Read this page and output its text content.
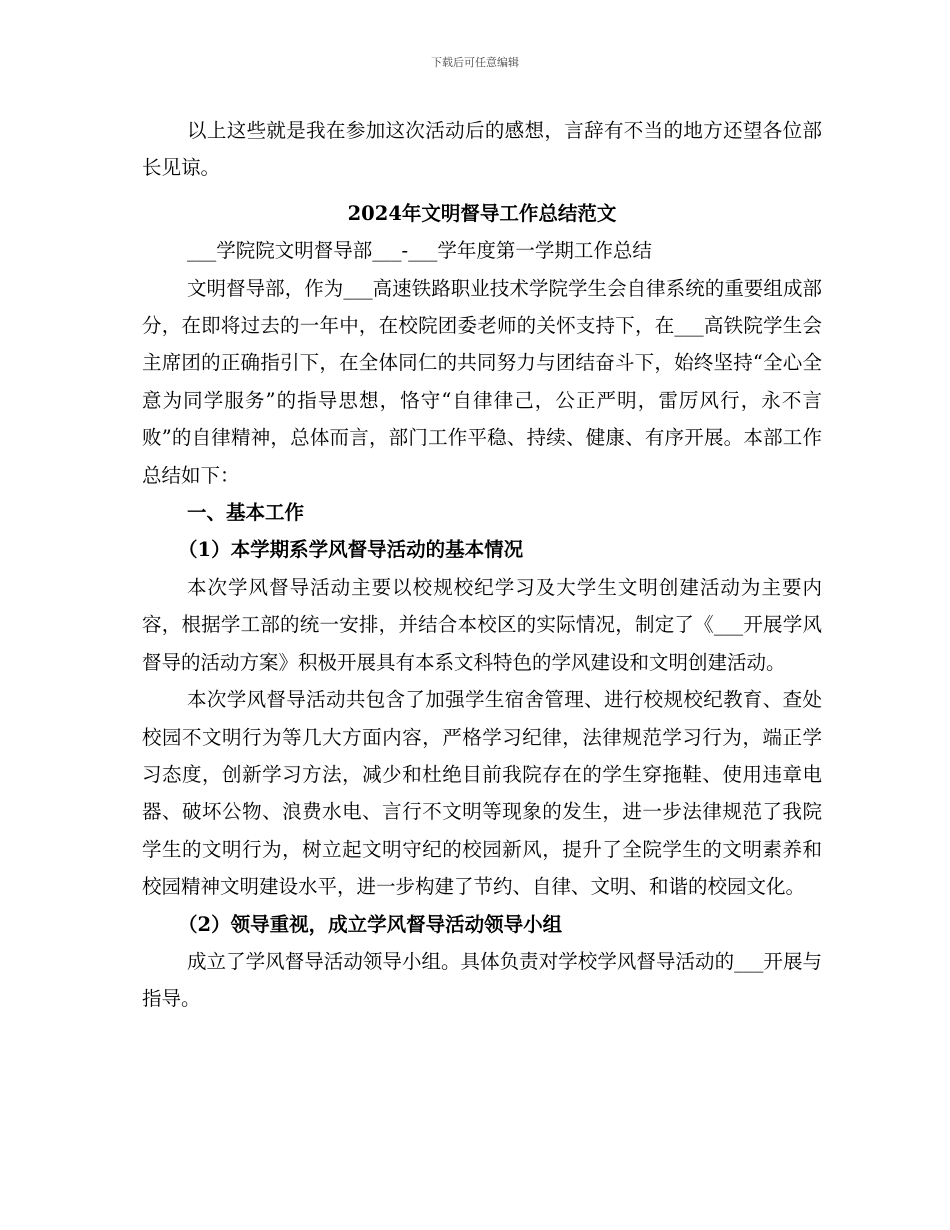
下载后可任意编辑

以上这些就是我在参加这次活动后的感想，言辞有不当的地方还望各位部长见谅。

2024年文明督导工作总结范文

___学院院文明督导部___-___学年度第一学期工作总结

文明督导部，作为___高速铁路职业技术学院学生会自律系统的重要组成部分，在即将过去的一年中，在校院团委老师的关怀支持下，在___高铁院学生会主席团的正确指引下，在全体同仁的共同努力与团结奋斗下，始终坚持“全心全意为同学服务”的指导思想，恪守“自律律己，公正严明，雷厉风行，永不言败”的自律精神，总体而言，部门工作平稳、持续、健康、有序开展。本部工作总结如下：

一、基本工作

（1）本学期系学风督导活动的基本情况

本次学风督导活动主要以校规校纪学习及大学生文明创建活动为主要内容，根据学工部的统一安排，并结合本校区的实际情况，制定了《___开展学风督导的活动方案》积极开展具有本系文科特色的学风建设和文明创建活动。

本次学风督导活动共包含了加强学生宿舍管理、进行校规校纪教育、查处校园不文明行为等几大方面内容，严格学习纪律，法律规范学习行为，端正学习态度，创新学习方法，减少和杜绝目前我院存在的学生穿拖鞋、使用违章电器、破坏公物、浪费水电、言行不文明等现象的发生，进一步法律规范了我院学生的文明行为，树立起文明守纪的校园新风，提升了全院学生的文明素养和校园精神文明建设水平，进一步构建了节约、自律、文明、和谐的校园文化。

（2）领导重视，成立学风督导活动领导小组

成立了学风督导活动领导小组。具体负责对学校学风督导活动的___开展与指导。
